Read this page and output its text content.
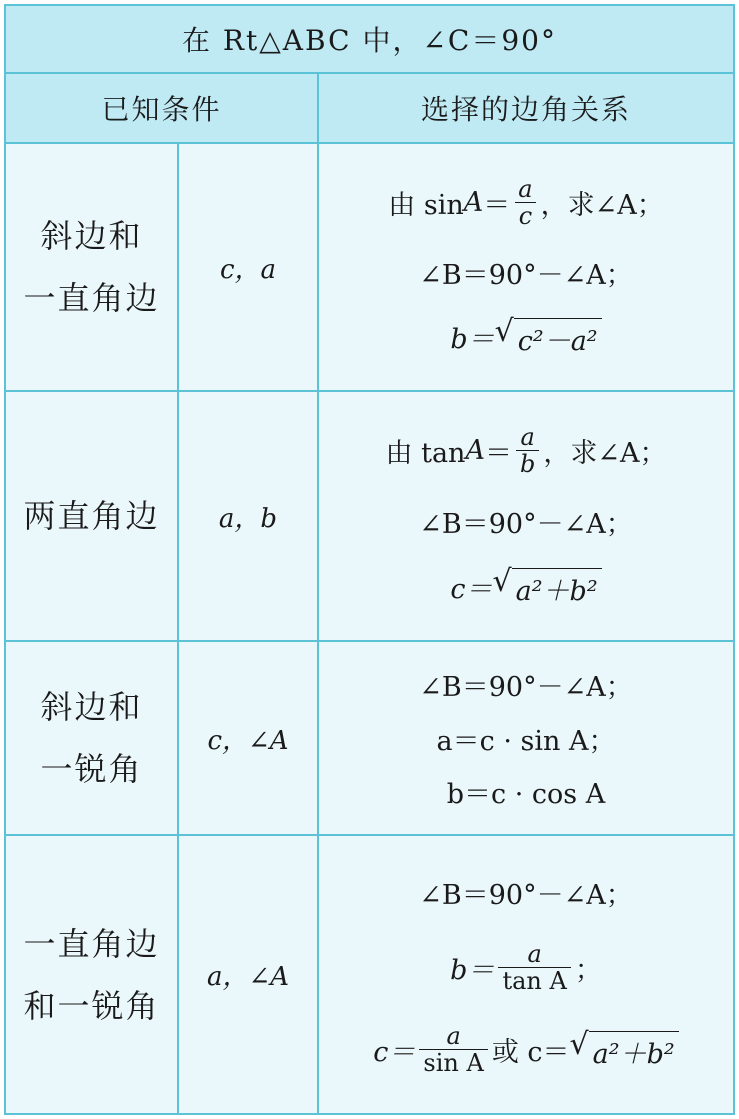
在 Rt△ABC 中，∠C＝90°
已知条件	选择的边角关系
斜边和
一直角边
c，a
由 $\sin A = \frac{a}{c}$ ，求∠A；
∠B＝90°－∠A；
b＝ √ c²－a²
两直角边 a，b
由 $\tan A = \frac{a}{b}$ ，求∠A；
∠B＝90°－∠A；
c＝ √ a²＋b²
斜边和
一锐角
c，∠A
∠B＝90°－∠A；
a＝c · sin A；
b＝c · cos A
一直角边
和一锐角
a，∠A
∠B＝90°－∠A；
$b= \frac{a}{\text{tan A}}$ ；
$c= \frac{a}{\text{sin A}}$ 或 c＝ √ a²＋b²
